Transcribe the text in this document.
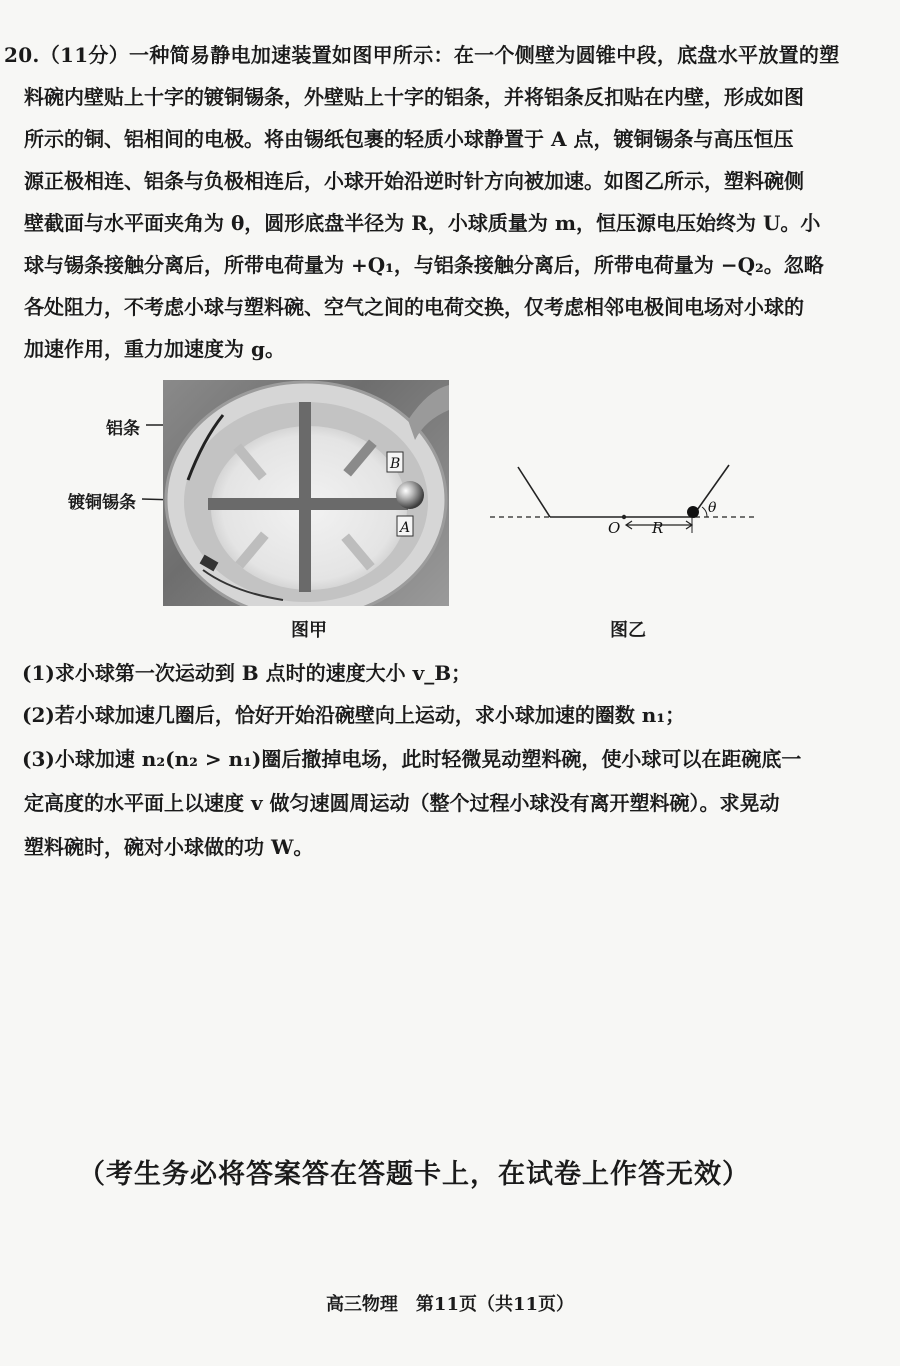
20.（11分）一种简易静电加速装置如图甲所示：在一个侧壁为圆锥中段，底盘水平放置的塑
料碗内壁贴上十字的镀铜锡条，外壁贴上十字的铝条，并将铝条反扣贴在内壁，形成如图
所示的铜、铝相间的电极。将由锡纸包裹的轻质小球静置于 A 点，镀铜锡条与高压恒压
源正极相连、铝条与负极相连后，小球开始沿逆时针方向被加速。如图乙所示，塑料碗侧
壁截面与水平面夹角为 θ，圆形底盘半径为 R，小球质量为 m，恒压源电压始终为 U。小
球与锡条接触分离后，所带电荷量为 +Q₁，与铝条接触分离后，所带电荷量为 −Q₂。忽略
各处阻力，不考虑小球与塑料碗、空气之间的电荷交换，仅考虑相邻电极间电场对小球的
加速作用，重力加速度为 g。
铝条
镀铜锡条
B
A
图甲
O R
θ
图乙
(1)求小球第一次运动到 B 点时的速度大小 v_B；
(2)若小球加速几圈后，恰好开始沿碗壁向上运动，求小球加速的圈数 n₁；
(3)小球加速 n₂(n₂ > n₁)圈后撤掉电场，此时轻微晃动塑料碗，使小球可以在距碗底一
定高度的水平面上以速度 v 做匀速圆周运动（整个过程小球没有离开塑料碗）。求晃动
塑料碗时，碗对小球做的功 W。
（考生务必将答案答在答题卡上，在试卷上作答无效）
高三物理　第11页（共11页）
